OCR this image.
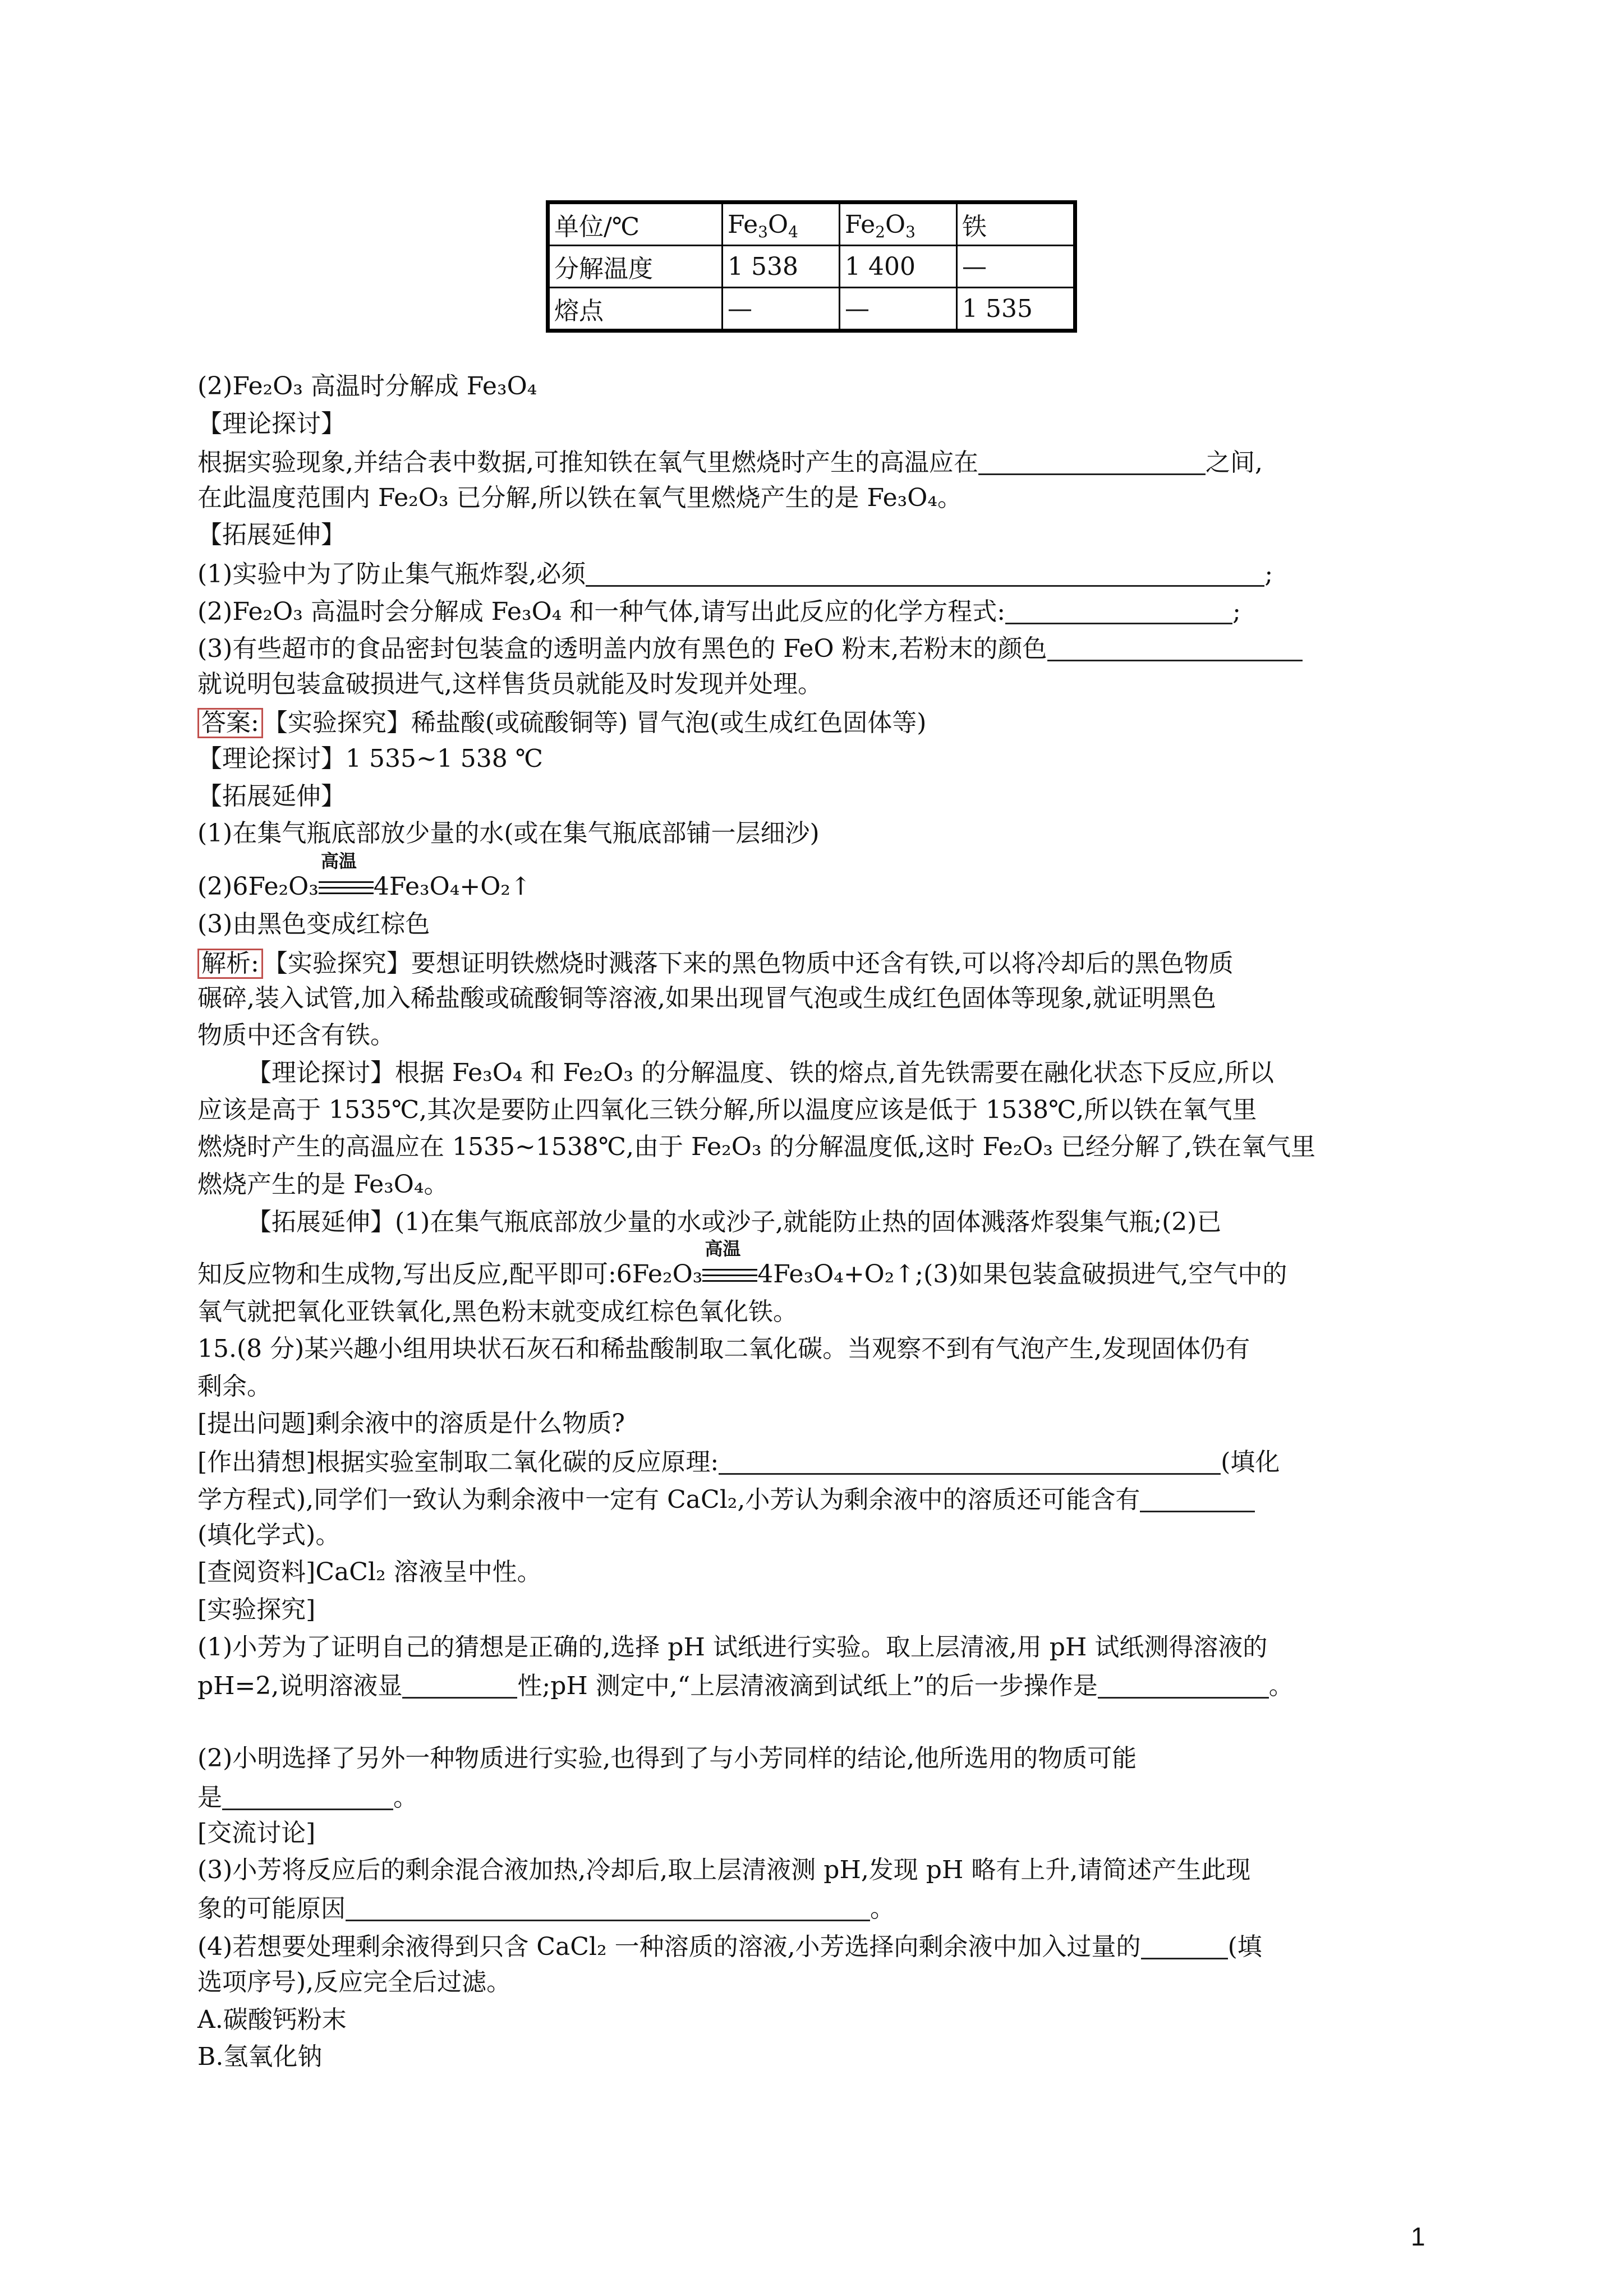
单位/℃	$Fe_3O_4$	$Fe_2O_3$	铁
分解温度	1 538	1 400	—
熔点	—	—	1 535
(2)Fe₂O₃ 高温时分解成 Fe₃O₄
【理论探讨】
根据实验现象,并结合表中数据,可推知铁在氧气里燃烧时产生的高温应在	之间,
在此温度范围内 Fe₂O₃ 已分解,所以铁在氧气里燃烧产生的是 Fe₃O₄。
【拓展延伸】
(1)实验中为了防止集气瓶炸裂,必须	;
(2)Fe₂O₃ 高温时会分解成 Fe₃O₄ 和一种气体,请写出此反应的化学方程式:	;
(3)有些超市的食品密封包装盒的透明盖内放有黑色的 FeO 粉末,若粉末的颜色
就说明包装盒破损进气,这样售货员就能及时发现并处理。
答案: 【实验探究】稀盐酸(或硫酸铜等) 冒气泡(或生成红色固体等)
【理论探讨】1 535~1 538 ℃
【拓展延伸】
(1)在集气瓶底部放少量的水(或在集气瓶底部铺一层细沙)
(2)6Fe₂O₃
高温
4Fe₃O₄+O₂↑
(3)由黑色变成红棕色
解析: 【实验探究】要想证明铁燃烧时溅落下来的黑色物质中还含有铁,可以将冷却后的黑色物质
碾碎,装入试管,加入稀盐酸或硫酸铜等溶液,如果出现冒气泡或生成红色固体等现象,就证明黑色
物质中还含有铁。
【理论探讨】根据 Fe₃O₄ 和 Fe₂O₃ 的分解温度、铁的熔点,首先铁需要在融化状态下反应,所以
应该是高于 1535℃,其次是要防止四氧化三铁分解,所以温度应该是低于 1538℃,所以铁在氧气里
燃烧时产生的高温应在 1535~1538℃,由于 Fe₂O₃ 的分解温度低,这时 Fe₂O₃ 已经分解了,铁在氧气里
燃烧产生的是 Fe₃O₄。
【拓展延伸】(1)在集气瓶底部放少量的水或沙子,就能防止热的固体溅落炸裂集气瓶;(2)已
知反应物和生成物,写出反应,配平即可:6Fe₂O₃
高温
4Fe₃O₄+O₂↑;(3)如果包装盒破损进气,空气中的
氧气就把氧化亚铁氧化,黑色粉末就变成红棕色氧化铁。
15.(8 分)某兴趣小组用块状石灰石和稀盐酸制取二氧化碳。当观察不到有气泡产生,发现固体仍有
剩余。
[提出问题]剩余液中的溶质是什么物质?
[作出猜想]根据实验室制取二氧化碳的反应原理:	(填化
学方程式),同学们一致认为剩余液中一定有 CaCl₂,小芳认为剩余液中的溶质还可能含有
(填化学式)。
[查阅资料]CaCl₂ 溶液呈中性。
[实验探究]
(1)小芳为了证明自己的猜想是正确的,选择 pH 试纸进行实验。取上层清液,用 pH 试纸测得溶液的
pH=2,说明溶液显	性;pH 测定中,“上层清液滴到试纸上”的后一步操作是	。
(2)小明选择了另外一种物质进行实验,也得到了与小芳同样的结论,他所选用的物质可能
是	。
[交流讨论]
(3)小芳将反应后的剩余混合液加热,冷却后,取上层清液测 pH,发现 pH 略有上升,请简述产生此现
象的可能原因	。
(4)若想要处理剩余液得到只含 CaCl₂ 一种溶质的溶液,小芳选择向剩余液中加入过量的	(填
选项序号),反应完全后过滤。
A.碳酸钙粉末
B.氢氧化钠
1
